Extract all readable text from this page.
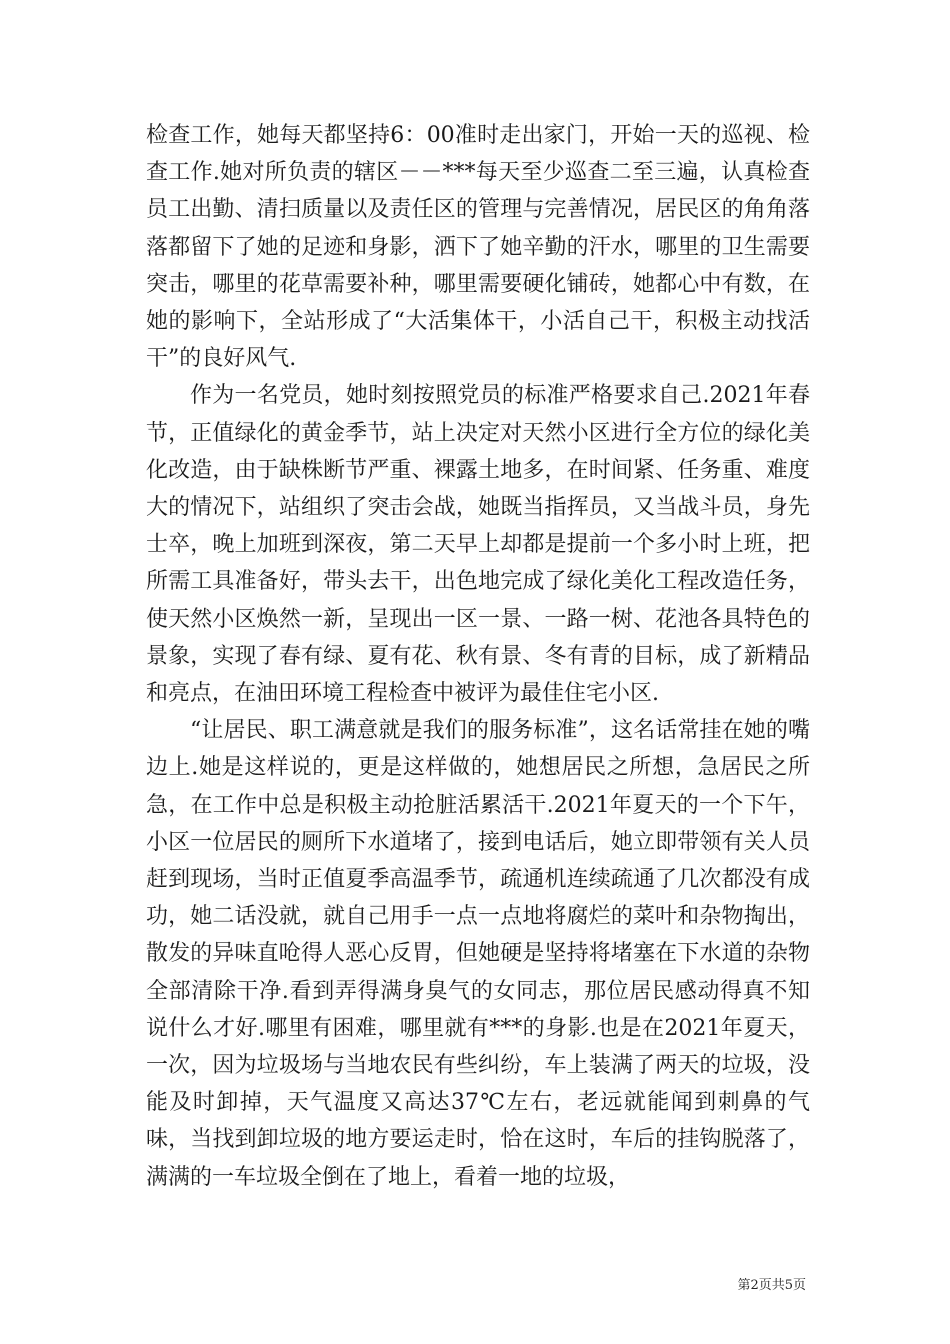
检查工作，她每天都坚持6：00准时走出家门，开始一天的巡视、检查工作.她对所负责的辖区－－***每天至少巡查二至三遍，认真检查员工出勤、清扫质量以及责任区的管理与完善情况，居民区的角角落落都留下了她的足迹和身影，洒下了她辛勤的汗水，哪里的卫生需要突击，哪里的花草需要补种，哪里需要硬化铺砖，她都心中有数，在她的影响下，全站形成了“大活集体干，小活自己干，积极主动找活干”的良好风气.

作为一名党员，她时刻按照党员的标准严格要求自己.2021年春节，正值绿化的黄金季节，站上决定对天然小区进行全方位的绿化美化改造，由于缺株断节严重、裸露土地多，在时间紧、任务重、难度大的情况下，站组织了突击会战，她既当指挥员，又当战斗员，身先士卒，晚上加班到深夜，第二天早上却都是提前一个多小时上班，把所需工具准备好，带头去干，出色地完成了绿化美化工程改造任务，使天然小区焕然一新，呈现出一区一景、一路一树、花池各具特色的景象，实现了春有绿、夏有花、秋有景、冬有青的目标，成了新精品和亮点，在油田环境工程检查中被评为最佳住宅小区.

“让居民、职工满意就是我们的服务标准”，这名话常挂在她的嘴边上.她是这样说的，更是这样做的，她想居民之所想，急居民之所急，在工作中总是积极主动抢脏活累活干.2021年夏天的一个下午，小区一位居民的厕所下水道堵了，接到电话后，她立即带领有关人员赶到现场，当时正值夏季高温季节，疏通机连续疏通了几次都没有成功，她二话没就，就自己用手一点一点地将腐烂的菜叶和杂物掏出，散发的异味直呛得人恶心反胃，但她硬是坚持将堵塞在下水道的杂物全部清除干净.看到弄得满身臭气的女同志，那位居民感动得真不知说什么才好.哪里有困难，哪里就有***的身影.也是在2021年夏天，一次，因为垃圾场与当地农民有些纠纷，车上装满了两天的垃圾，没能及时卸掉，天气温度又高达37℃左右，老远就能闻到刺鼻的气味，当找到卸垃圾的地方要运走时，恰在这时，车后的挂钩脱落了，满满的一车垃圾全倒在了地上，看着一地的垃圾，

第2页共5页
